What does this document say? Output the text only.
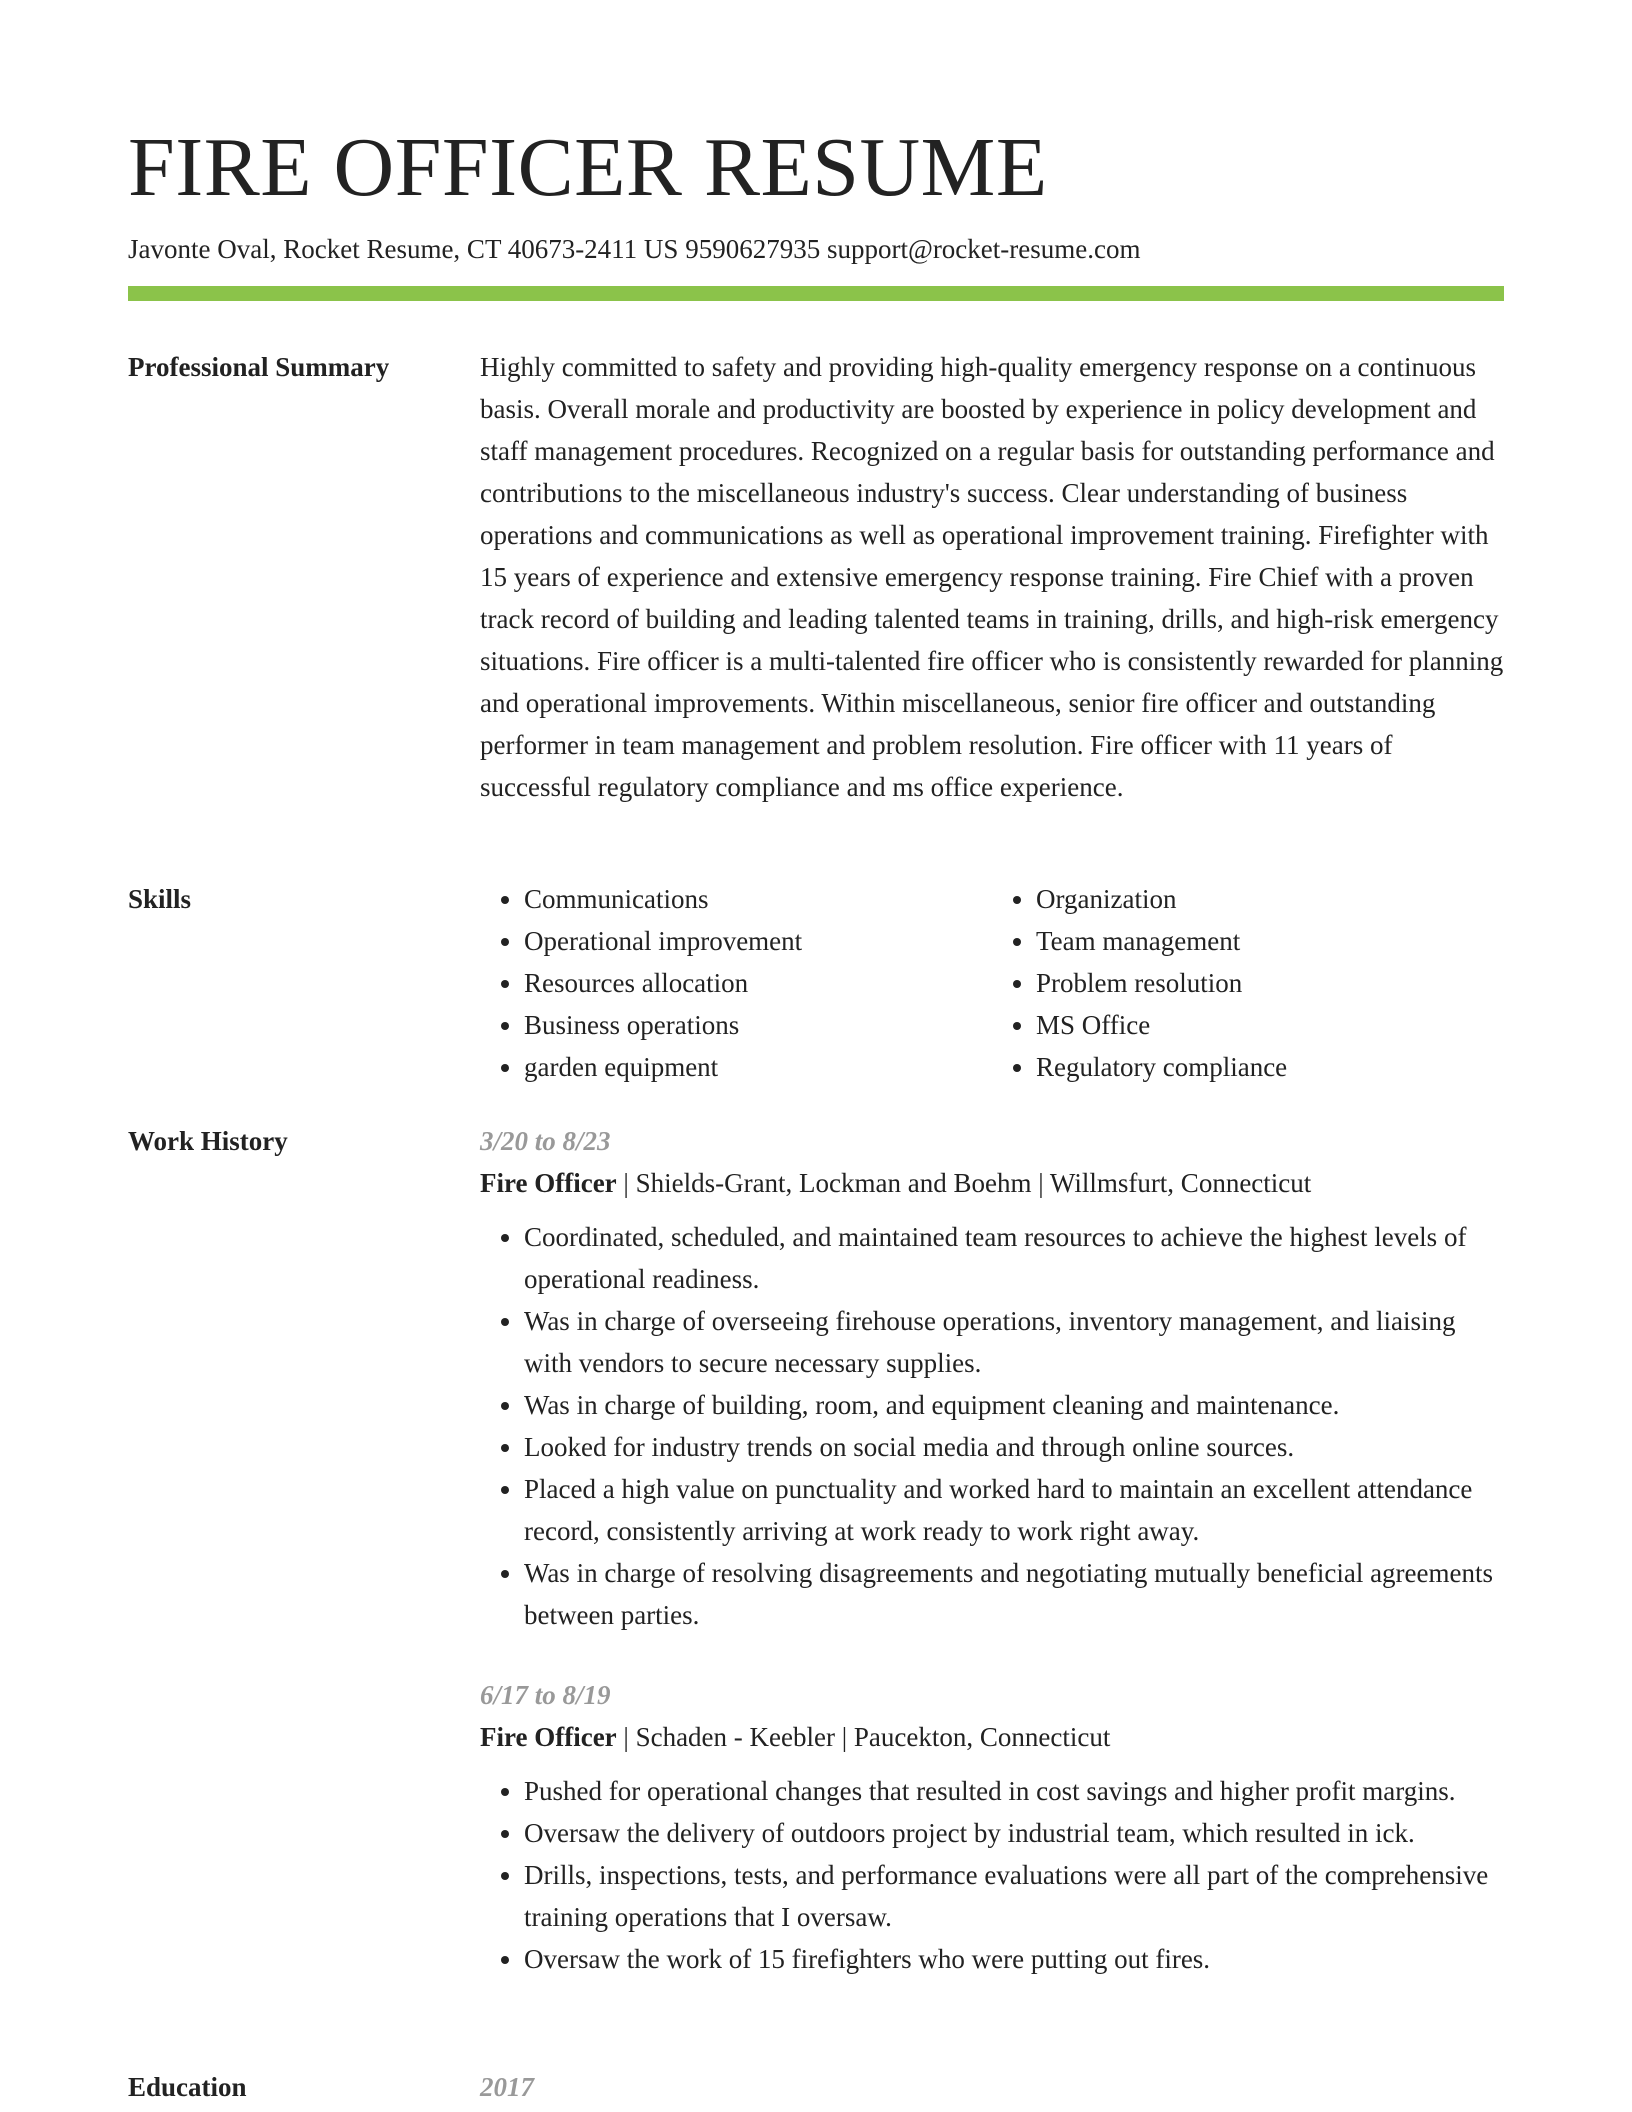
FIRE OFFICER RESUME
Javonte Oval, Rocket Resume, CT 40673-2411 US 9590627935 support@rocket-resume.com
Professional Summary	Highly committed to safety and providing high-quality emergency response on a continuous basis. Overall morale and productivity are boosted by experience in policy development and staff management procedures. Recognized on a regular basis for outstanding performance and contributions to the miscellaneous industry's success. Clear understanding of business operations and communications as well as operational improvement training. Firefighter with 15 years of experience and extensive emergency response training. Fire Chief with a proven track record of building and leading talented teams in training, drills, and high-risk emergency situations. Fire officer is a multi-talented fire officer who is consistently rewarded for planning and operational improvements. Within miscellaneous, senior fire officer and outstanding performer in team management and problem resolution. Fire officer with 11 years of successful regulatory compliance and ms office experience.

Skills
•	Communications
• Operational improvement
• Resources allocation
• Business operations
• garden equipment
• Organization
• Team management
• Problem resolution
• MS Office
• Regulatory compliance
Work History	3/20 to 8/23
Fire Officer | Shields-Grant, Lockman and Boehm | Willmsfurt, Connecticut
• Coordinated, scheduled, and maintained team resources to achieve the highest levels of operational readiness.
• Was in charge of overseeing firehouse operations, inventory management, and liaising with vendors to secure necessary supplies.
• Was in charge of building, room, and equipment cleaning and maintenance.
• Looked for industry trends on social media and through online sources.
• Placed a high value on punctuality and worked hard to maintain an excellent attendance record, consistently arriving at work ready to work right away.
• Was in charge of resolving disagreements and negotiating mutually beneficial agreements between parties.
6/17 to 8/19
Fire Officer | Schaden - Keebler | Paucekton, Connecticut
• Pushed for operational changes that resulted in cost savings and higher profit margins.
• Oversaw the delivery of outdoors project by industrial team, which resulted in ick.
• Drills, inspections, tests, and performance evaluations were all part of the comprehensive training operations that I oversaw.
• Oversaw the work of 15 firefighters who were putting out fires.
Education	2017
